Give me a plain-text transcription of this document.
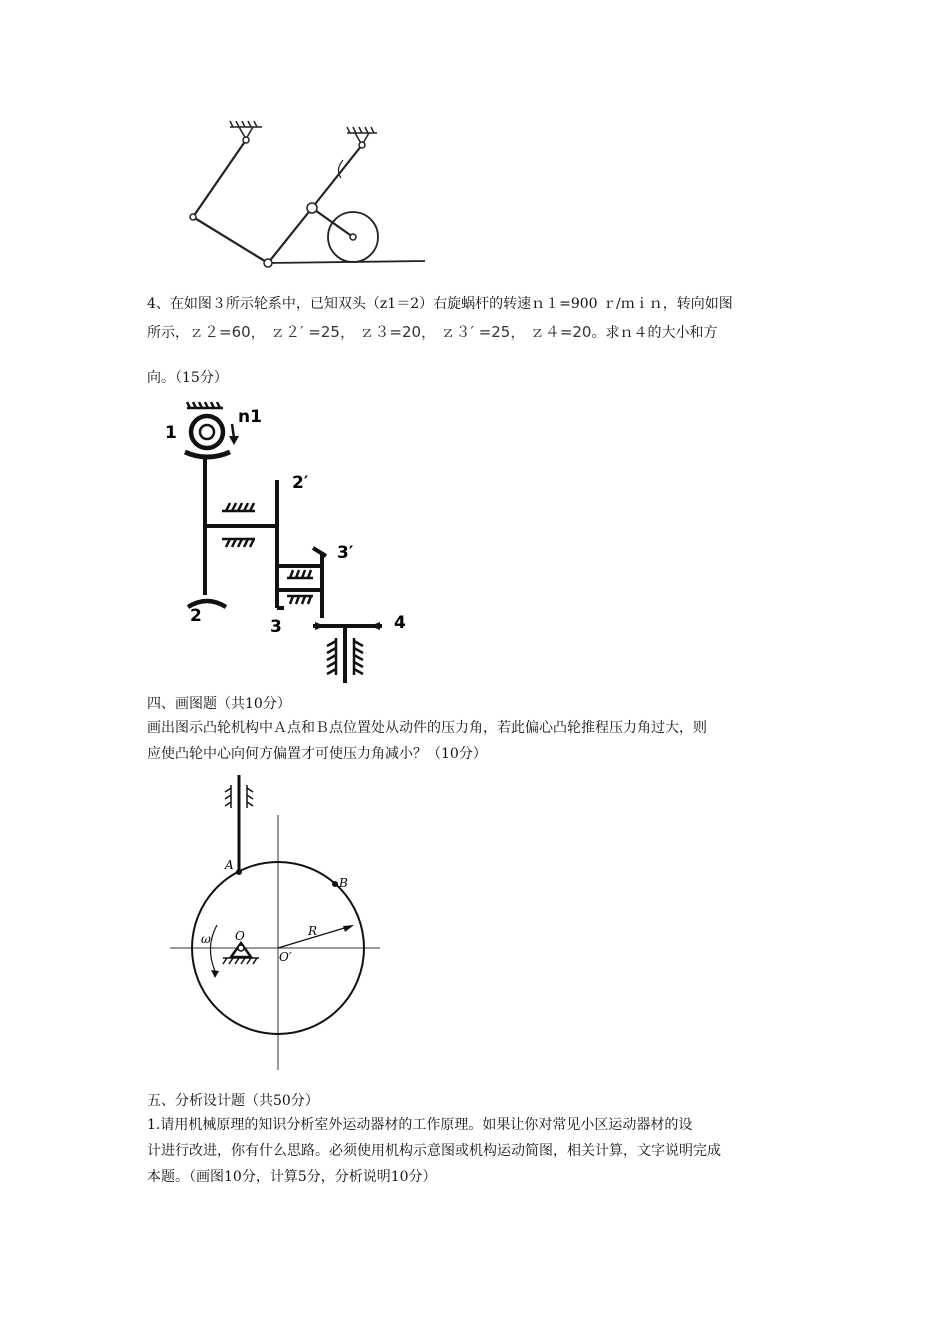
4、在如图３所示轮系中，已知双头（z1＝2）右旋蜗杆的转速ｎ１=900 ｒ/ｍｉｎ，转向如图

所示，ｚ２=60， ｚ２′ =25， ｚ３=20， ｚ３′ =25， ｚ４=20。求ｎ４的大小和方

向。（15分）

1
n1
2
2′
3′
3	4

四、画图题（共10分）

画出图示凸轮机构中Ａ点和Ｂ点位置处从动件的压力角，若此偏心凸轮推程压力角过大，则

应使凸轮中心向何方偏置才可使压力角减小？（10分）

A
B
R
O′
O
ω

五、分析设计题（共50分）

1.请用机械原理的知识分析室外运动器材的工作原理。如果让你对常见小区运动器材的设

计进行改进，你有什么思路。必须使用机构示意图或机构运动简图，相关计算，文字说明完成

本题。（画图10分，计算5分，分析说明10分）
